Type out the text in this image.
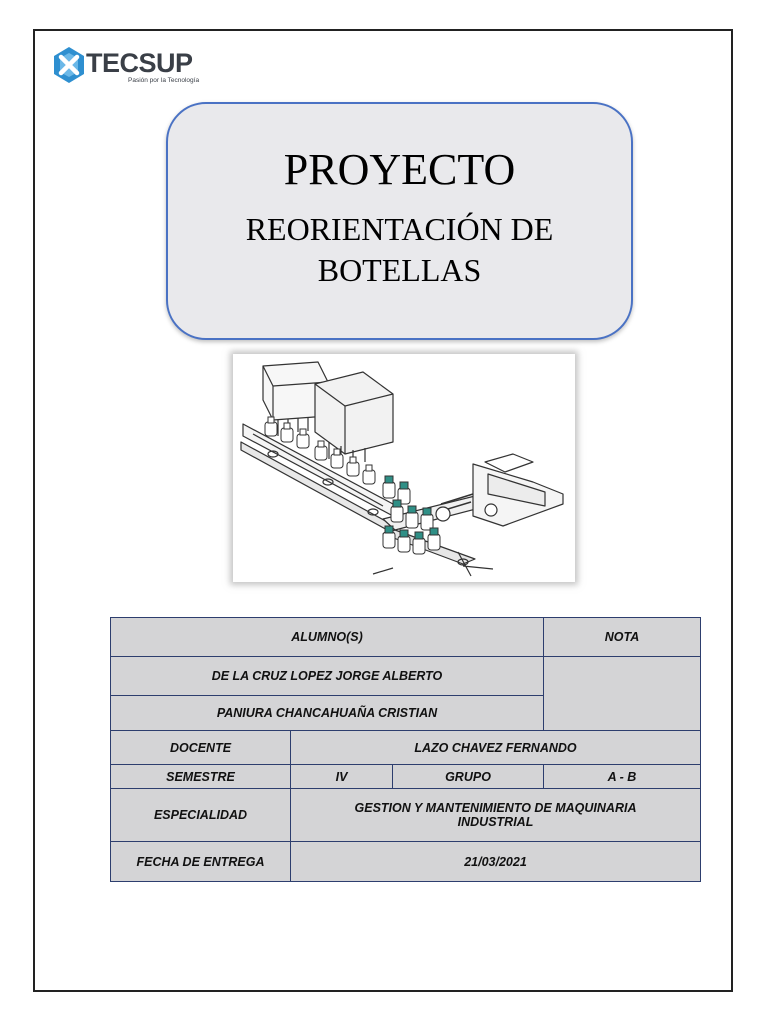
TECSUP
Pasión por la Tecnología
PROYECTO
REORIENTACIÓN DE
BOTELLAS
ALUMNO(S)			NOTA
DE LA CRUZ LOPEZ JORGE ALBERTO			
PANIURA CHANCAHUAÑA CRISTIAN			
DOCENTE	LAZO CHAVEZ FERNANDO		
SEMESTRE	IV	GRUPO	A - B
ESPECIALIDAD	GESTION Y MANTENIMIENTO DE MAQUINARIA
INDUSTRIAL		

FECHA DE ENTREGA	21/03/2021		
